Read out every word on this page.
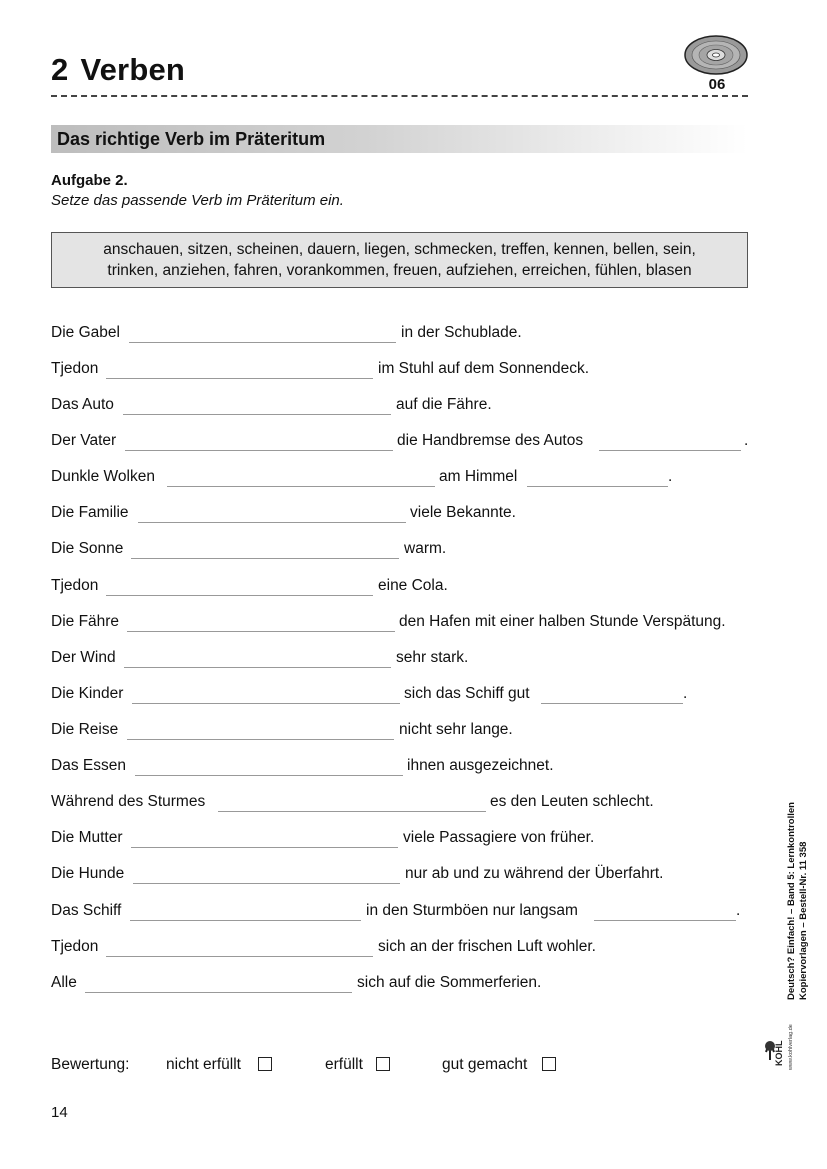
2 Verben	06
Das richtige Verb im Präteritum
Aufgabe 2.
Setze das passende Verb im Präteritum ein.
anschauen, sitzen, scheinen, dauern, liegen, schmecken, treffen, kennen, bellen, sein,
trinken, anziehen, fahren, vorankommen, freuen, aufziehen, erreichen, fühlen, blasen
Die Gabel	in der Schublade.
Tjedon	im Stuhl auf dem Sonnendeck.
Das Auto	auf die Fähre.
Der Vater	die Handbremse des Autos	.
Dunkle Wolken	am Himmel	.
Die Familie	viele Bekannte.
Die Sonne	warm.
Tjedon	eine Cola.
Die Fähre	den Hafen mit einer halben Stunde Verspätung.
Der Wind	sehr stark.
Die Kinder	sich das Schiff gut	.
Die Reise	nicht sehr lange.
Das Essen	ihnen ausgezeichnet.
Während des Sturmes	es den Leuten schlecht.
Die Mutter	viele Passagiere von früher.
Die Hunde	nur ab und zu während der Überfahrt.
Das Schiff	in den Sturmböen nur langsam	.
Tjedon	sich an der frischen Luft wohler.
Alle	sich auf die Sommerferien.
Bewertung: nicht erfüllt	erfüllt	gut gemacht
14
Deutsch? Einfach! – Band 5: Lernkontrollen Kopiervorlagen – Bestell-Nr. 11 358
KOHL www.kohlverlag.de
